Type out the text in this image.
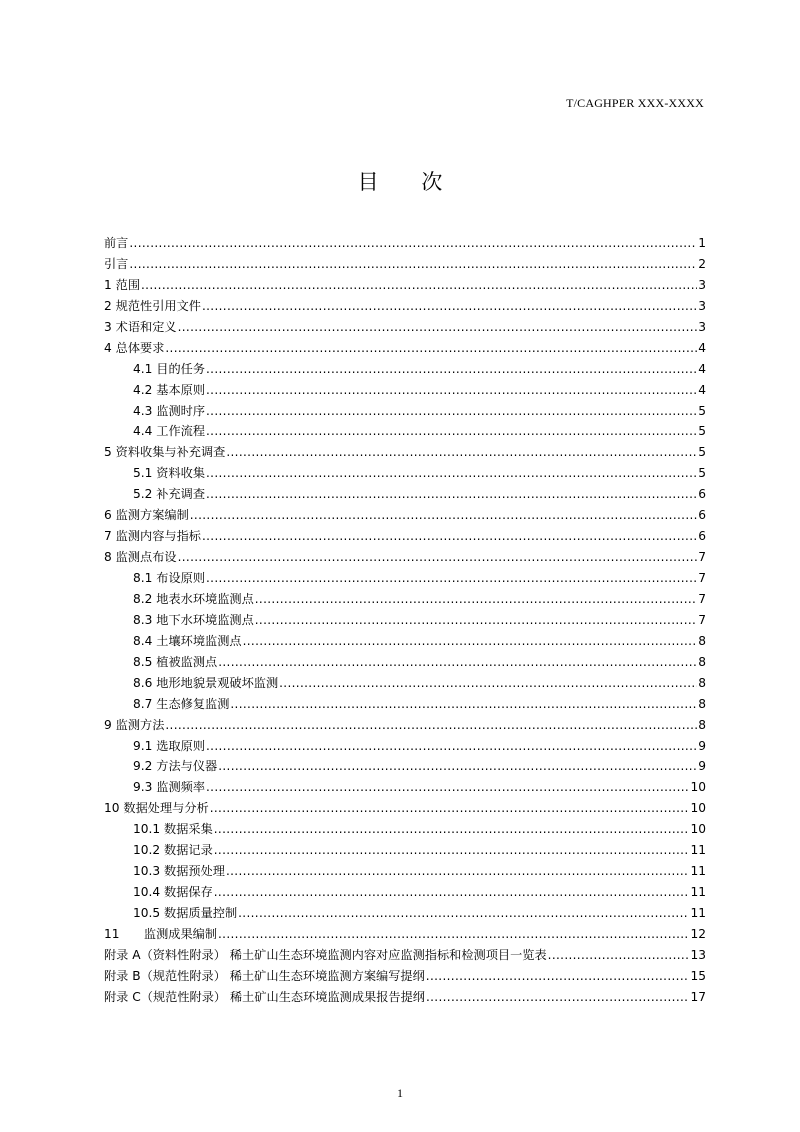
T/CAGHPER XXX-XXXX
目 次
前言 .....	1
引言 .....	2
1 范围 .....	3
2 规范性引用文件 .....	3
3 术语和定义 .....	3
4 总体要求 .....	4
4.1 目的任务 .....	4
4.2 基本原则 .....	4
4.3 监测时序 .....	5
4.4 工作流程 .....	5
5 资料收集与补充调查 .....	5
5.1 资料收集 .....	5
5.2 补充调查 .....	6
6 监测方案编制 .....	6
7 监测内容与指标 .....	6
8 监测点布设 .....	7
8.1 布设原则 .....	7
8.2 地表水环境监测点 .....	7
8.3 地下水环境监测点 .....	7
8.4 土壤环境监测点 .....	8
8.5 植被监测点 .....	8
8.6 地形地貌景观破坏监测 .....	8
8.7 生态修复监测 .....	8
9 监测方法 .....	8
9.1 选取原则 .....	9
9.2 方法与仪器 .....	9
9.3 监测频率 .....	10
10 数据处理与分析 .....	10
10.1 数据采集 .....	10
10.2 数据记录 .....	11
10.3 数据预处理 .....	11
10.4 数据保存 .....	11
10.5 数据质量控制 .....	11
11　　监测成果编制 .....	12
附录 A（资料性附录） 稀土矿山生态环境监测内容对应监测指标和检测项目一览表 .....	13
附录 B（规范性附录） 稀土矿山生态环境监测方案编写提纲 .....	15
附录 C（规范性附录） 稀土矿山生态环境监测成果报告提纲 .....	17
1
